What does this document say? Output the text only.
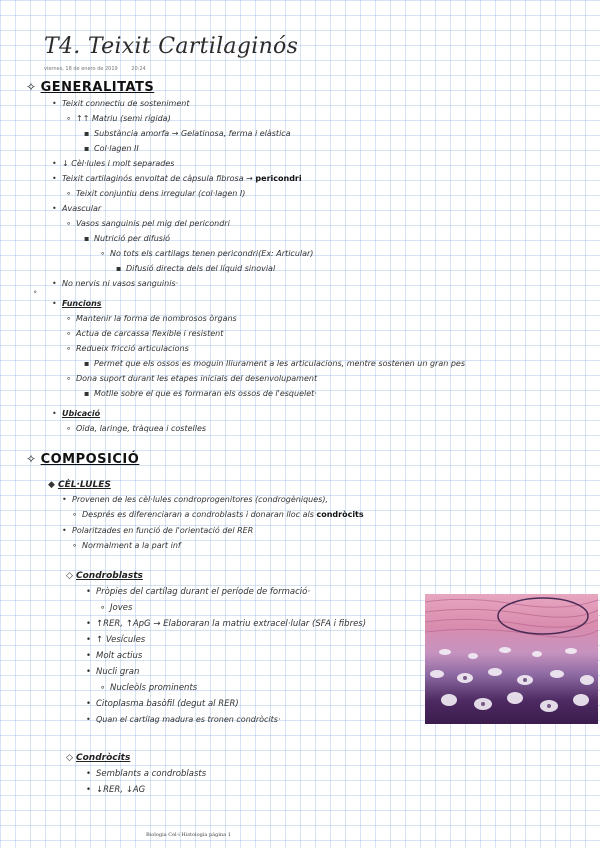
T4. Teixit Cartilaginós
viernes, 18 de enero de 2019	20:24
✧ GENERALITATS
• Teixit connectiu de sosteniment
∘ ↑↑ Matriu (semi rígida)
▪ Substància amorfa → Gelatinosa, ferma i elàstica
▪ Col·lagen II
• ↓ Cèl·lules i molt separades
• Teixit cartilaginós envoltat de càpsula fibrosa → pericondri
∘ Teixit conjuntiu dens irregular (col·lagen I)
• Avascular
∘ Vasos sanguinis pel mig del pericondri
▪ Nutrició per difusió
∘ No tots els cartilags tenen pericondri(Ex: Articular)
▪ Difusió directa dels del líquid sinovial
• No nervis ni vasos sanguinis·
∘
• Funcions
∘ Mantenir la forma de nombrosos òrgans
∘ Actua de carcassa flexible i resistent
∘ Redueix fricció articulacions
▪ Permet que els ossos es moguin lliurament a les articulacions, mentre sostenen un gran pes
∘ Dona suport durant les etapes inicials del desenvolupament
▪ Motlle sobre el que es formaran els ossos de l'esquelet·
• Ubicació
∘ Oïda, laringe, tràquea i costelles
✧ COMPOSICIÓ
◆ CÈL·LULES
• Provenen de les cèl·lules condroprogenitores (condrogèniques),
∘ Després es diferenciaran a condroblasts i donaran lloc als condròcits
• Polaritzades en funció de l'orientació del RER
∘ Normalment a la part inf
◇ Condroblasts
• Pròpies del cartílag durant el període de formació·
∘ Joves
• ↑RER, ↑ApG → Elaboraran la matriu extracel·lular (SFA i fibres)
• ↑ Vesícules
• Molt actius
• Nucli gran
∘ Nucleòls prominents
• Citoplasma basòfil (degut al RER)
• Quan el cartílag madura es tronen condròcits·
◇ Condròcits
• Semblants a condroblasts
• ↓RER, ↓AG
Biologia Cel·i Histologia página 1
